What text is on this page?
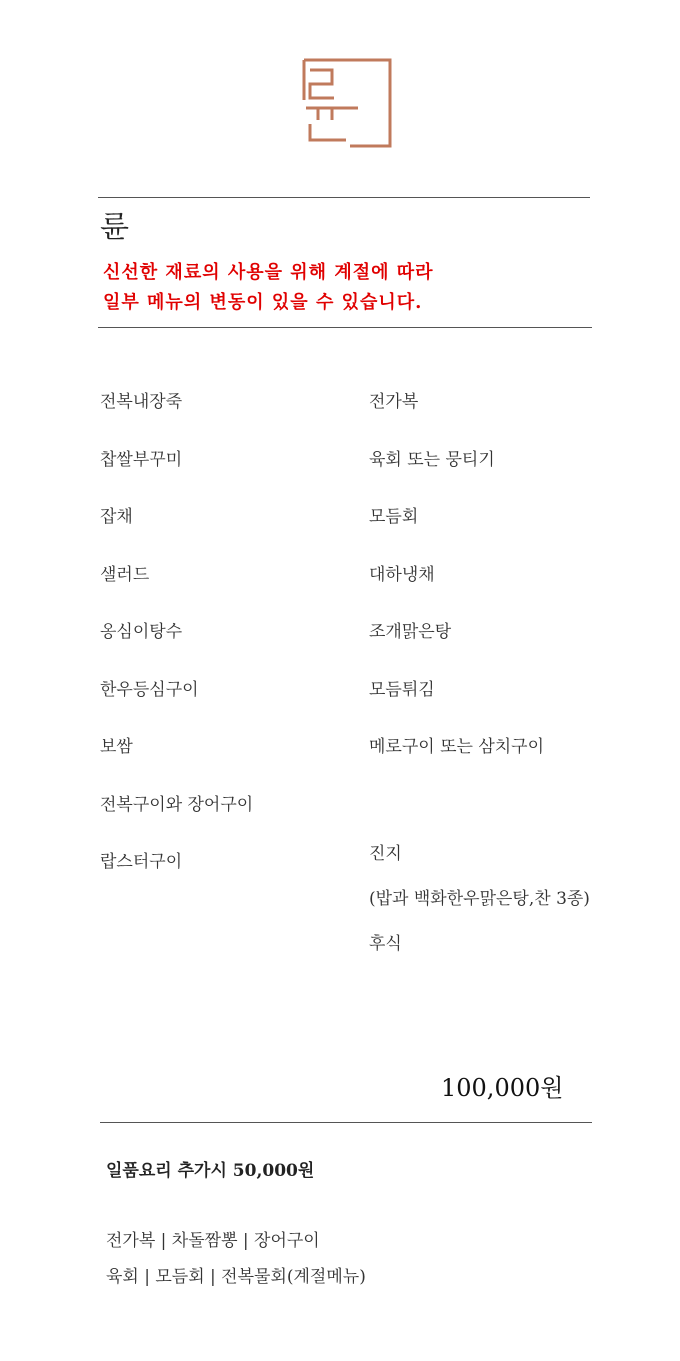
륜
신선한 재료의 사용을 위해 계절에 따라
일부 메뉴의 변동이 있을 수 있습니다.
전복내장죽
찹쌀부꾸미
잡채
샐러드
옹심이탕수
한우등심구이
보쌈
전복구이와 장어구이
랍스터구이
전가복
육회 또는 뭉티기
모듬회
대하냉채
조개맑은탕
모듬튀김
메로구이 또는 삼치구이
진지
(밥과 백화한우맑은탕,찬 3종)
후식
100,000원
일품요리 추가시 50,000원
전가복 | 차돌짬뽕 | 장어구이
육회 | 모듬회 | 전복물회(계절메뉴)
